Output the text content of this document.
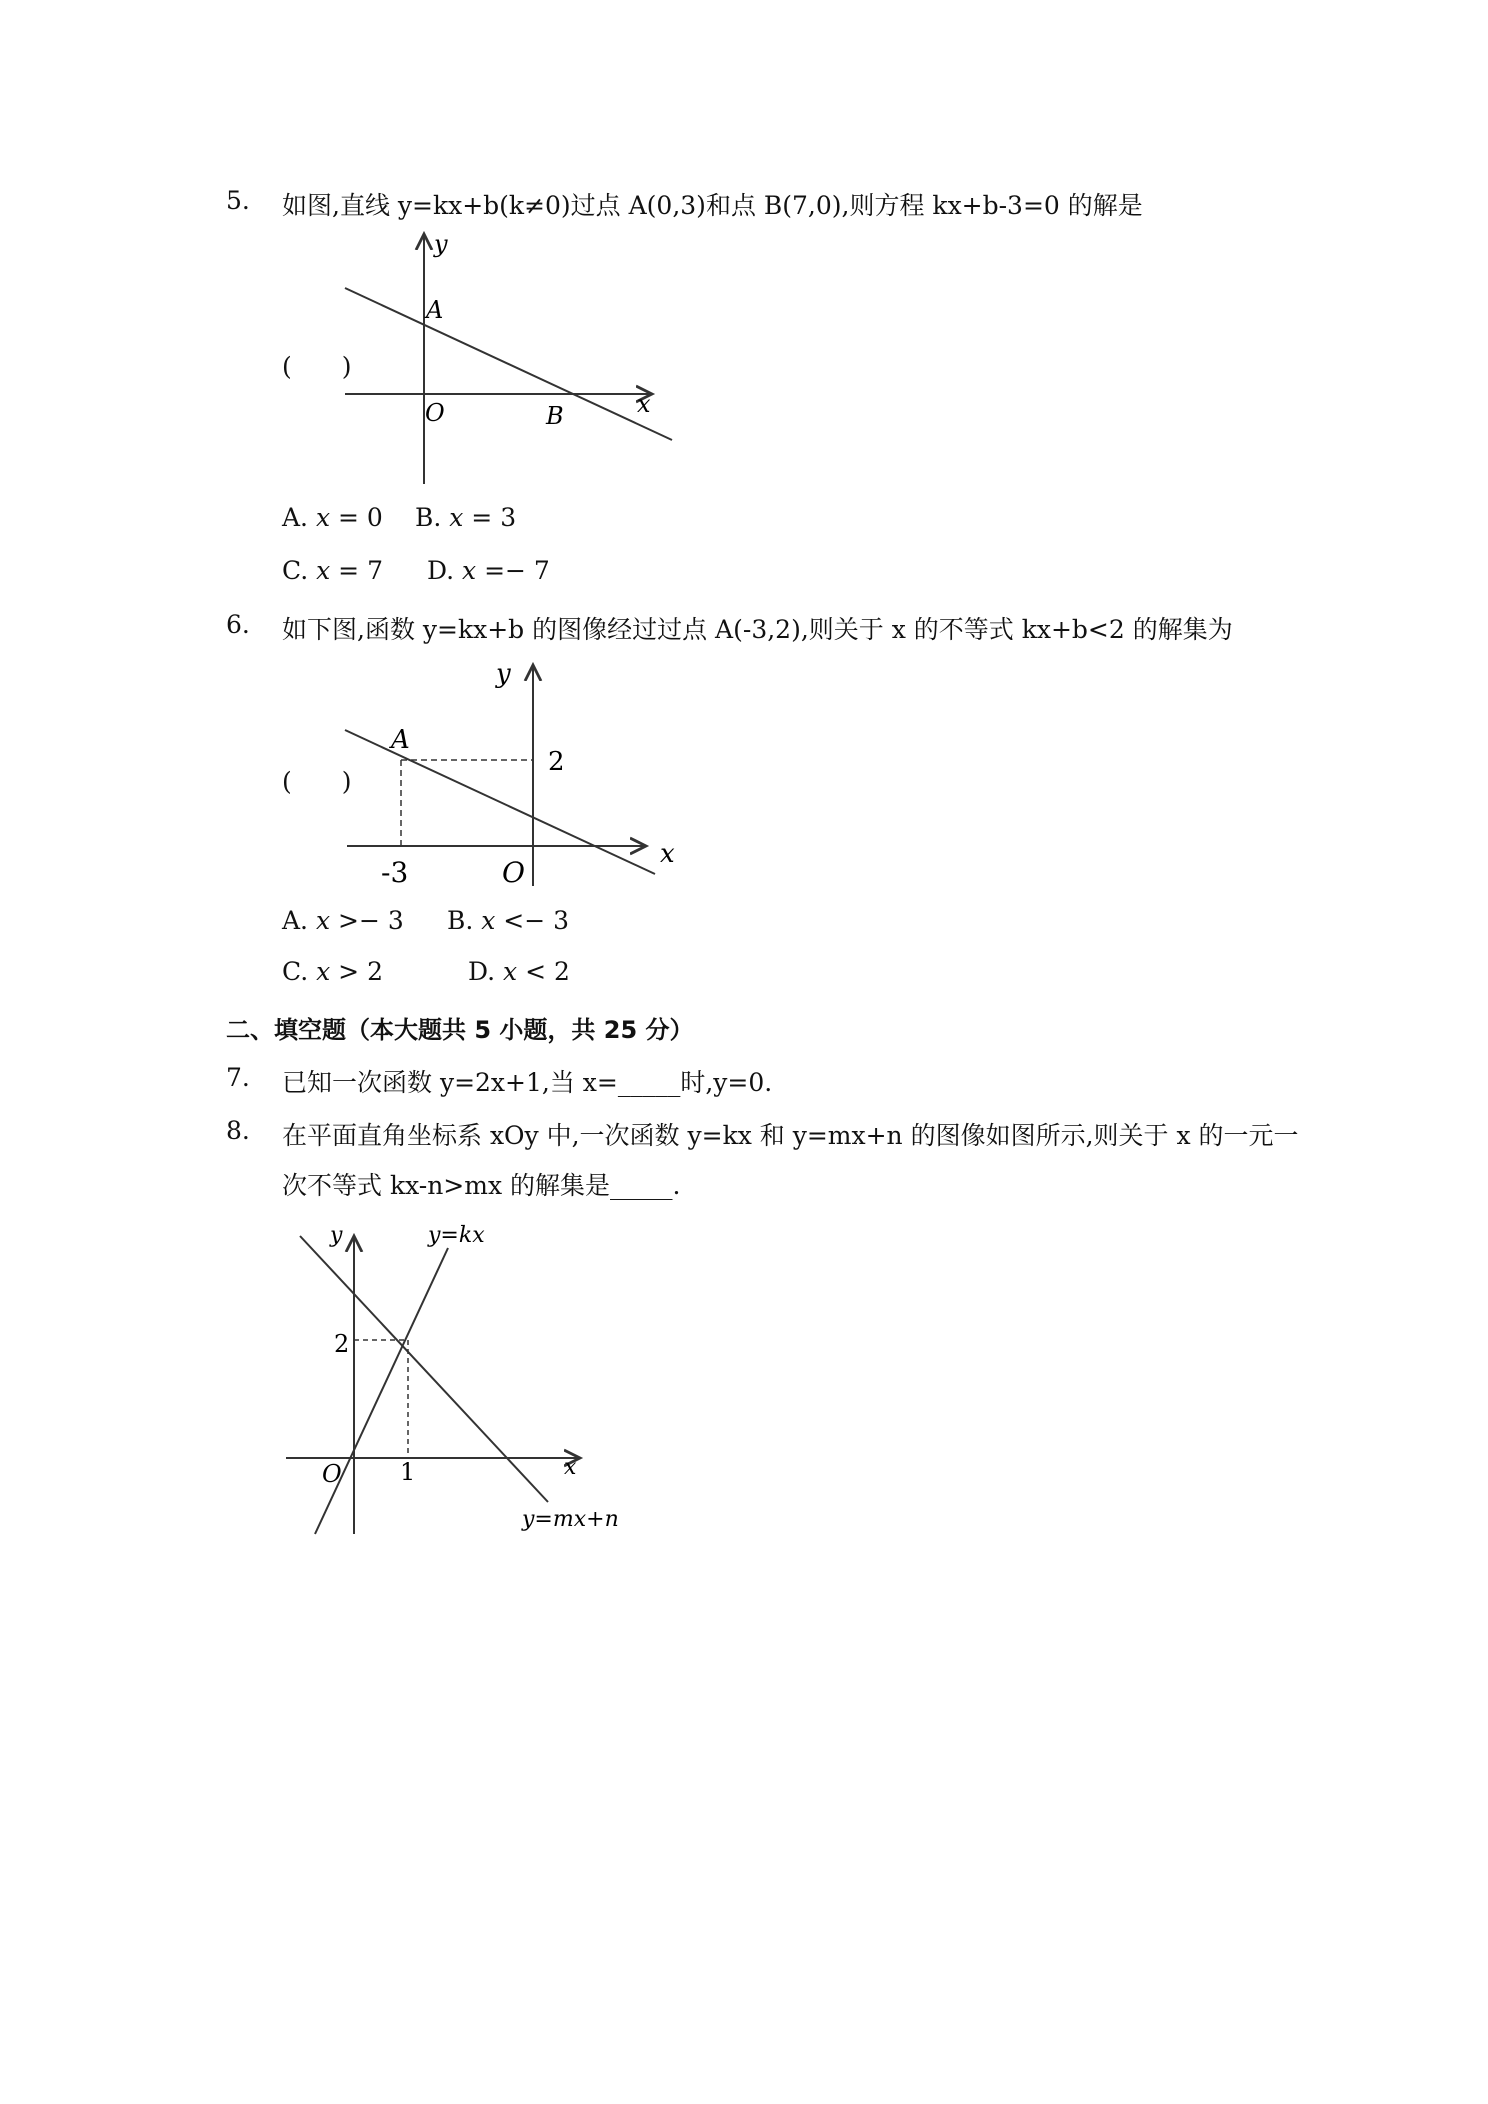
5.	如图,直线 y=kx+b(k≠0)过点 A(0,3)和点 B(7,0),则方程 kx+b-3=0 的解是
(　　)
y
A
O	B	x
A. 𝑥 = 0 B. 𝑥 = 3
C. 𝑥 = 7 D. 𝑥 =− 7
6.	如下图,函数 y=kx+b 的图像经过过点 A(-3,2),则关于 x 的不等式 kx+b<2 的解集为
(　　)
y
A
2
-3	O
x
A. 𝑥 >− 3 B. 𝑥 <− 3
C. 𝑥 > 2	D. 𝑥 < 2
二、填空题（本大题共 5 小题，共 25 分）
7.	已知一次函数 y=2x+1,当 x=_____时,y=0.
8.	在平面直角坐标系 xOy 中,一次函数 y=kx 和 y=mx+n 的图像如图所示,则关于 x 的一元一
次不等式 kx-n>mx 的解集是_____.
y	y=kx
2
O 1	x
y=mx+n
